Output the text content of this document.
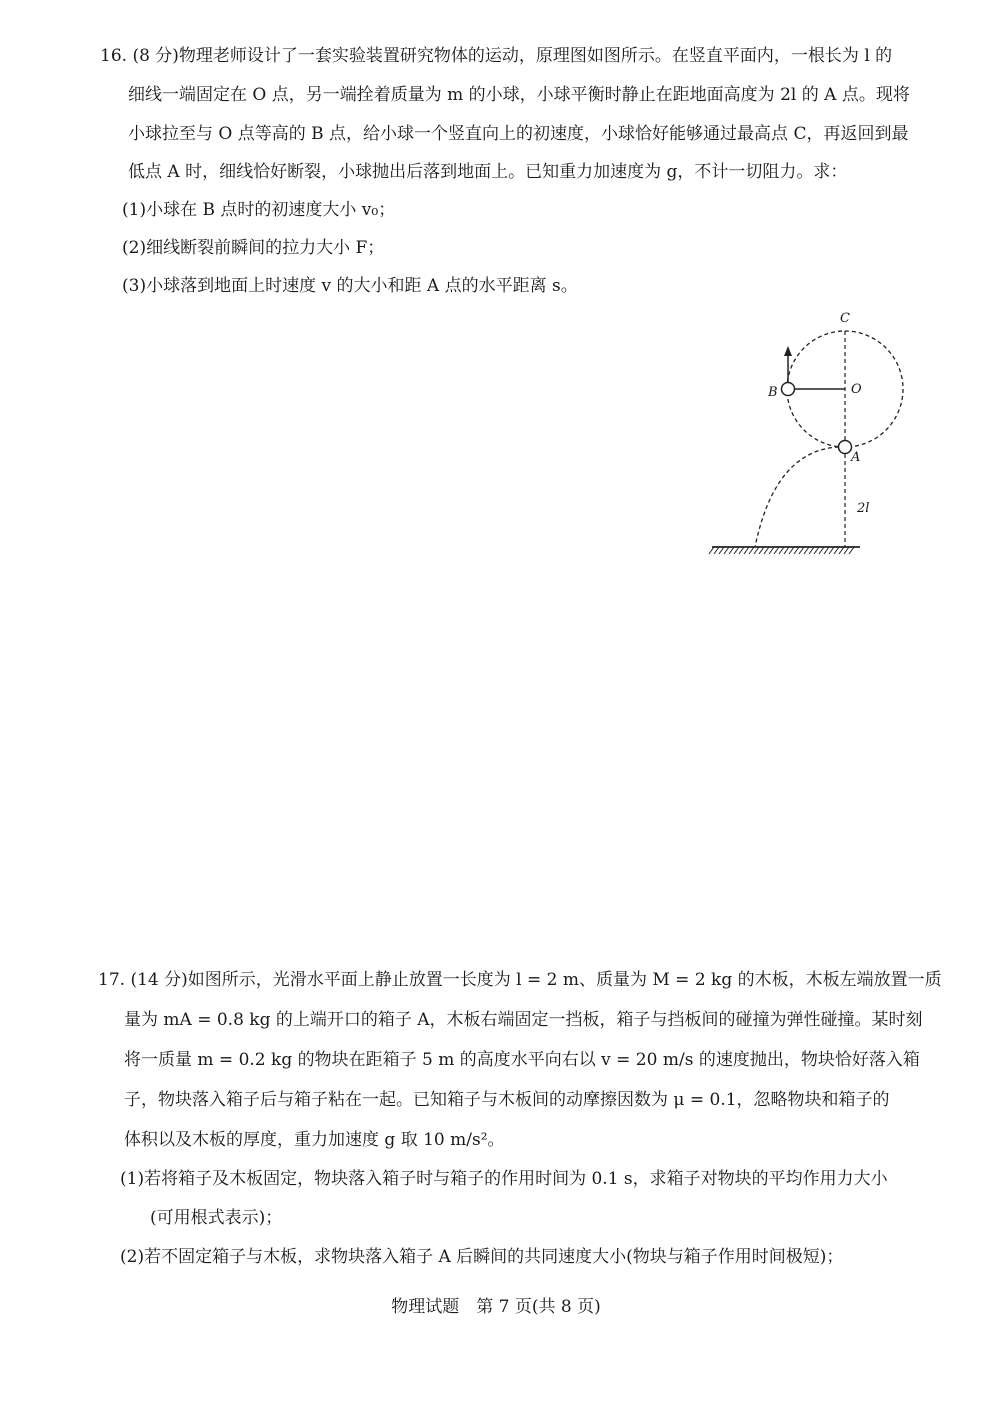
16. (8 分)物理老师设计了一套实验装置研究物体的运动，原理图如图所示。在竖直平面内，一根长为 l 的
细线一端固定在 O 点，另一端拴着质量为 m 的小球，小球平衡时静止在距地面高度为 2l 的 A 点。现将
小球拉至与 O 点等高的 B 点，给小球一个竖直向上的初速度，小球恰好能够通过最高点 C，再返回到最
低点 A 时，细线恰好断裂，小球抛出后落到地面上。已知重力加速度为 g，不计一切阻力。求：
(1)小球在 B 点时的初速度大小 v₀；
(2)细线断裂前瞬间的拉力大小 F；
(3)小球落到地面上时速度 v 的大小和距 A 点的水平距离 s。
C
B	O
A
2l
17. (14 分)如图所示，光滑水平面上静止放置一长度为 l = 2 m、质量为 M = 2 kg 的木板，木板左端放置一质
量为 mA = 0.8 kg 的上端开口的箱子 A，木板右端固定一挡板，箱子与挡板间的碰撞为弹性碰撞。某时刻
将一质量 m = 0.2 kg 的物块在距箱子 5 m 的高度水平向右以 v = 20 m/s 的速度抛出，物块恰好落入箱
子，物块落入箱子后与箱子粘在一起。已知箱子与木板间的动摩擦因数为 μ = 0.1，忽略物块和箱子的
体积以及木板的厚度，重力加速度 g 取 10 m/s²。
(1)若将箱子及木板固定，物块落入箱子时与箱子的作用时间为 0.1 s，求箱子对物块的平均作用力大小
(可用根式表示)；
(2)若不固定箱子与木板，求物块落入箱子 A 后瞬间的共同速度大小(物块与箱子作用时间极短)；
物理试题　第 7 页(共 8 页)
